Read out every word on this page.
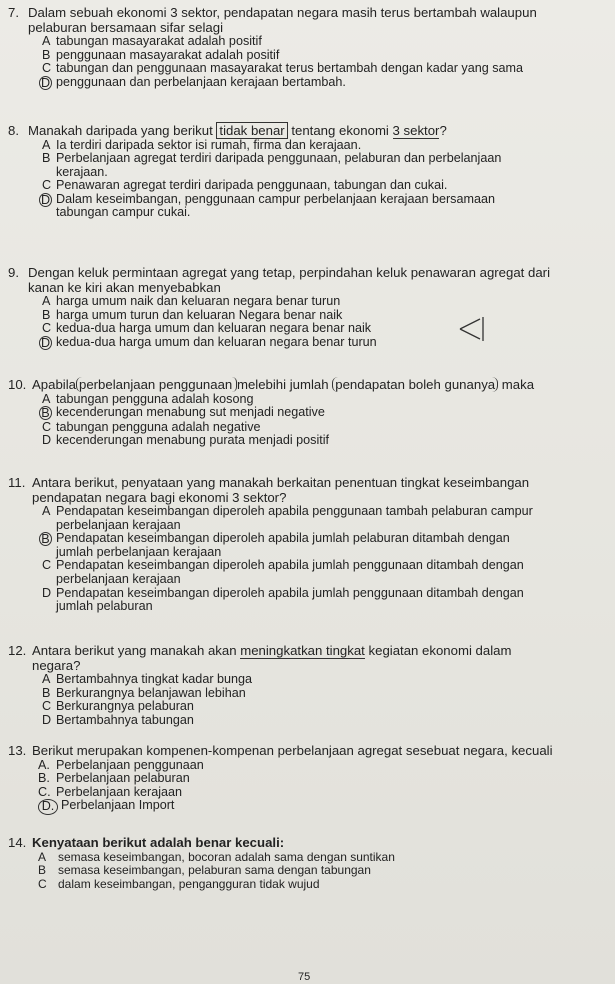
7. Dalam sebuah ekonomi 3 sektor, pendapatan negara masih terus bertambah walaupun
pelaburan bersamaan sifar selagi
A tabungan masayarakat adalah positif
B penggunaan masayarakat adalah positif
C tabungan dan penggunaan masayarakat terus bertambah dengan kadar yang sama
D penggunaan dan perbelanjaan kerajaan bertambah.
8. Manakah daripada yang berikut tidak benar tentang ekonomi 3 sektor?
A Ia terdiri daripada sektor isi rumah, firma dan kerajaan.
B Perbelanjaan agregat terdiri daripada penggunaan, pelaburan dan perbelanjaan
kerajaan.
C Penawaran agregat terdiri daripada penggunaan, tabungan dan cukai.
D Dalam keseimbangan, penggunaan campur perbelanjaan kerajaan bersamaan
tabungan campur cukai.
9. Dengan keluk permintaan agregat yang tetap, perpindahan keluk penawaran agregat dari
kanan ke kiri akan menyebabkan
A harga umum naik dan keluaran negara benar turun
B harga umum turun dan keluaran Negara benar naik
C kedua-dua harga umum dan keluaran negara benar naik
D kedua-dua harga umum dan keluaran negara benar turun
10. Apabila perbelanjaan penggunaan melebihi jumlah pendapatan boleh gunanya maka
A tabungan pengguna adalah kosong
B kecenderungan menabung sut menjadi negative
C tabungan pengguna adalah negative
D kecenderungan menabung purata menjadi positif
11. Antara berikut, penyataan yang manakah berkaitan penentuan tingkat keseimbangan
pendapatan negara bagi ekonomi 3 sektor?
A Pendapatan keseimbangan diperoleh apabila penggunaan tambah pelaburan campur
perbelanjaan kerajaan
B Pendapatan keseimbangan diperoleh apabila jumlah pelaburan ditambah dengan
jumlah perbelanjaan kerajaan
C Pendapatan keseimbangan diperoleh apabila jumlah penggunaan ditambah dengan
perbelanjaan kerajaan
D Pendapatan keseimbangan diperoleh apabila jumlah penggunaan ditambah dengan
jumlah pelaburan
12. Antara berikut yang manakah akan meningkatkan tingkat kegiatan ekonomi dalam
negara?
A Bertambahnya tingkat kadar bunga
B Berkurangnya belanjawan lebihan
C Berkurangnya pelaburan
D Bertambahnya tabungan
13. Berikut merupakan kompenen-kompenan perbelanjaan agregat sesebuat negara, kecuali
A. Perbelanjaan penggunaan
B. Perbelanjaan pelaburan
C. Perbelanjaan kerajaan
D. Perbelanjaan Import
14. Kenyataan berikut adalah benar kecuali:
A semasa keseimbangan, bocoran adalah sama dengan suntikan
B semasa keseimbangan, pelaburan sama dengan tabungan
C dalam keseimbangan, pengangguran tidak wujud
75
